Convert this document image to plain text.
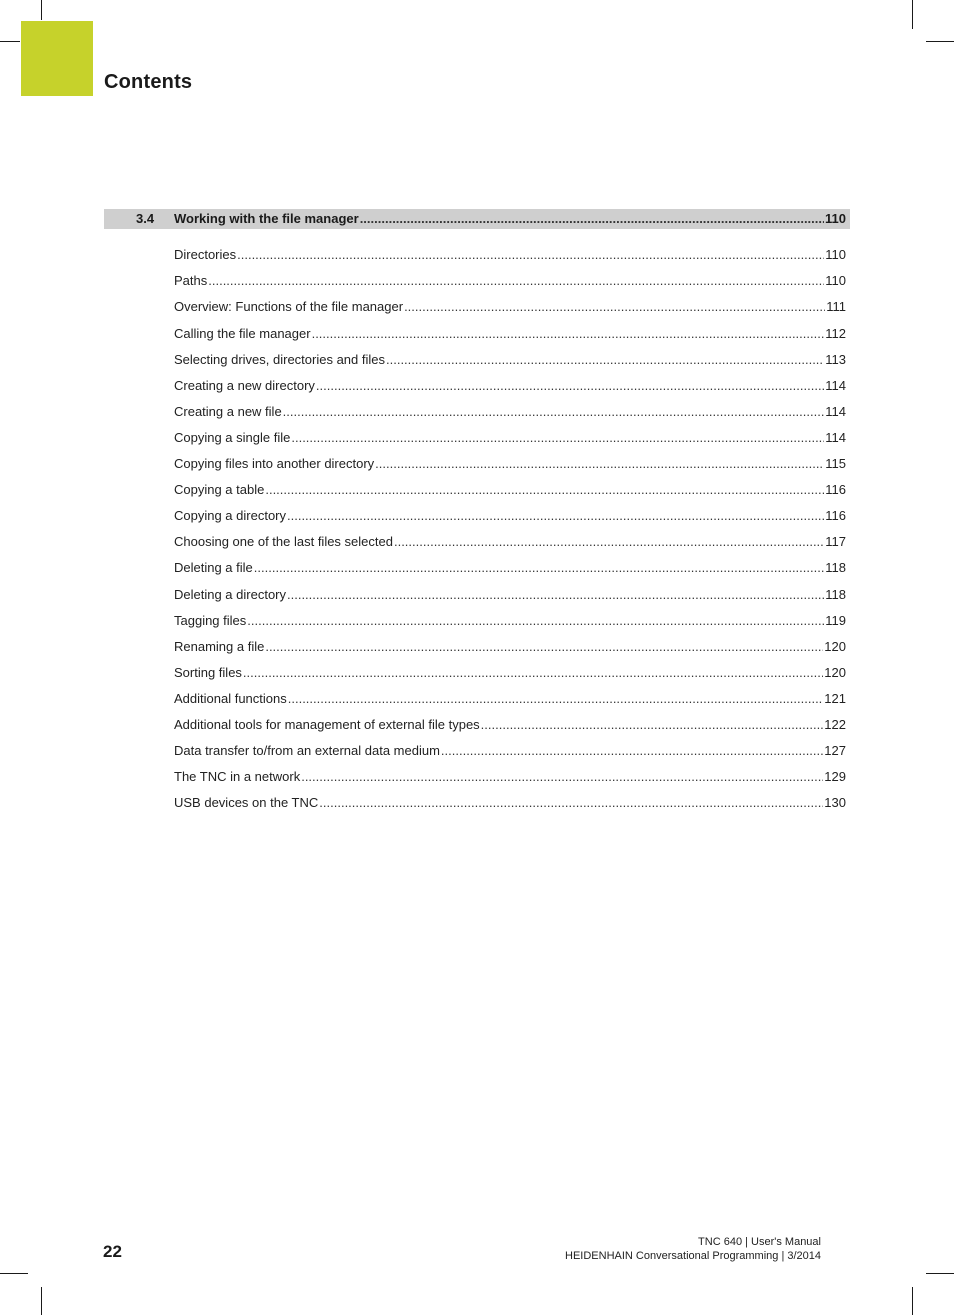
Contents
3.4 Working with the file manager .....	110
Directories .....	110
Paths .....	110
Overview: Functions of the file manager .....	111
Calling the file manager .....	112
Selecting drives, directories and files .....	113
Creating a new directory .....	114
Creating a new file .....	114
Copying a single file .....	114
Copying files into another directory .....	115
Copying a table .....	116
Copying a directory .....	116
Choosing one of the last files selected .....	117
Deleting a file .....	118
Deleting a directory .....	118
Tagging files .....	119
Renaming a file .....	120
Sorting files .....	120
Additional functions .....	121
Additional tools for management of external file types .....	122
Data transfer to/from an external data medium .....	127
The TNC in a network .....	129
USB devices on the TNC .....	130
22	TNC 640 | User's Manual
HEIDENHAIN Conversational Programming | 3/2014
